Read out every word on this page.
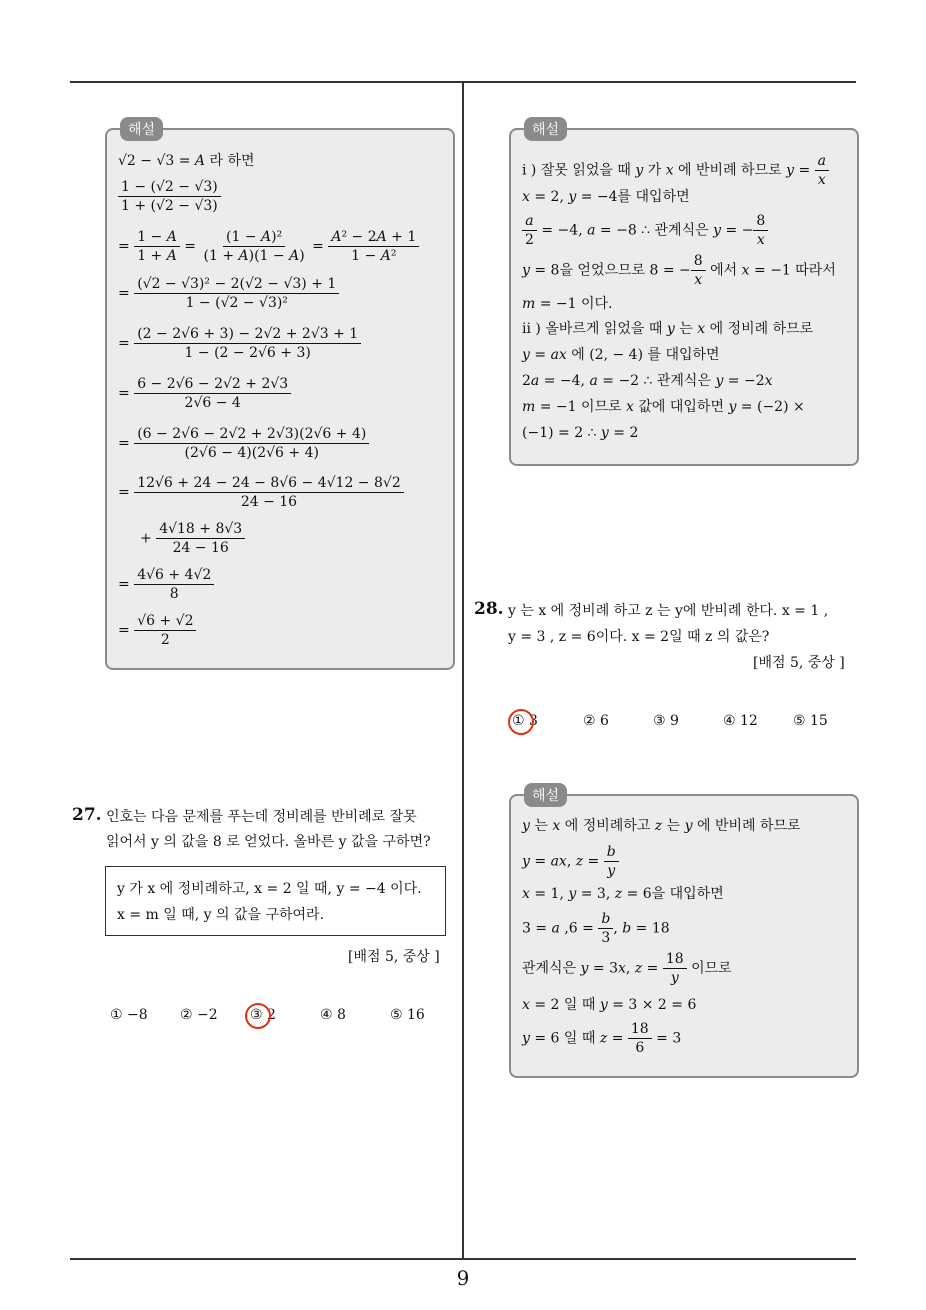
해설
√2 − √3 = A 라 하면
$\frac{1 - (√2 - √3)}{1 + (√2 - √3)}$
= $\frac{1 - A}{1 + A} = \frac{\text{(1 − A)²}}{(1 + A)(1 - A)} = \frac{\text{A² − 2A + 1}}{\text{1 − A²}}$
= $\frac{\text{(√2 − √3)² − 2(√2 − √3) + 1}}{\text{1 − (√2 − √3)²}}$
= $\frac{(2 - 2√6 + 3) - 2√2 + 2√3 + 1}{1 - (2 - 2√6 + 3)}$
= $\frac{6 - 2√6 - 2√2 + 2√3}{2√6 - 4}$
= $\frac{(6 - 2√6 - 2√2 + 2√3)(2√6 + 4)}{(2√6 - 4)(2√6 + 4)}$
= $\frac{12√6 + 24 - 24 - 8√6 - 4√12 - 8√2}{24 - 16}$
+ $\frac{4√18 + 8√3}{24 - 16}$
= $\frac{4√6 + 4√2}{8}$
= $\frac{√6 + √2}{2}$
해설
i ) 잘못 읽었을 때 y 가 x 에 반비례 하므로 $y = \frac{a}{x}$
x = 2, y = −4를 대입하면
$\frac{a}{2} = -4$, a = −8 ∴ 관계식은 y = − $\frac{8}{x}$
y = 8을 얻었으므로 8 = − $\frac{8}{x}$ 에서 x = −1 따라서
m = −1 이다.
ii ) 올바르게 읽었을 때 y 는 x 에 정비례 하므로
y = ax 에 (2, − 4) 를 대입하면
2a = −4, a = −2 ∴ 관계식은 y = −2x
m = −1 이므로 x 값에 대입하면 y = (−2) ×
(−1) = 2 ∴ y = 2
27. 인호는 다음 문제를 푸는데 정비례를 반비례로 잘못
읽어서 y 의 값을 8 로 얻었다. 올바른 y 값을 구하면?
y 가 x 에 정비례하고, x = 2 일 때, y = −4 이다.
x = m 일 때, y 의 값을 구하여라.
[배점 5, 중상 ]
① −8 ② −2 ③ 2	④ 8	⑤ 16
28. y 는 x 에 정비례 하고 z 는 y에 반비례 한다. x = 1 ,
y = 3 , z = 6이다. x = 2일 때 z 의 값은?
[배점 5, 중상 ]
① 3	② 6	③ 9	④ 12	⑤ 15
해설
y 는 x 에 정비례하고 z 는 y 에 반비례 하므로
y = ax, $z = \frac{b}{y}$
x = 1, y = 3, z = 6을 대입하면
3 = a $,6 = \frac{b}{3}$ , b = 18
관계식은 y = 3x, $z = \frac{18}{y}$ 이므로
x = 2 일 때 y = 3 × 2 = 6
y = 6 일 때 $z = \frac{18}{6} = 3$
9
